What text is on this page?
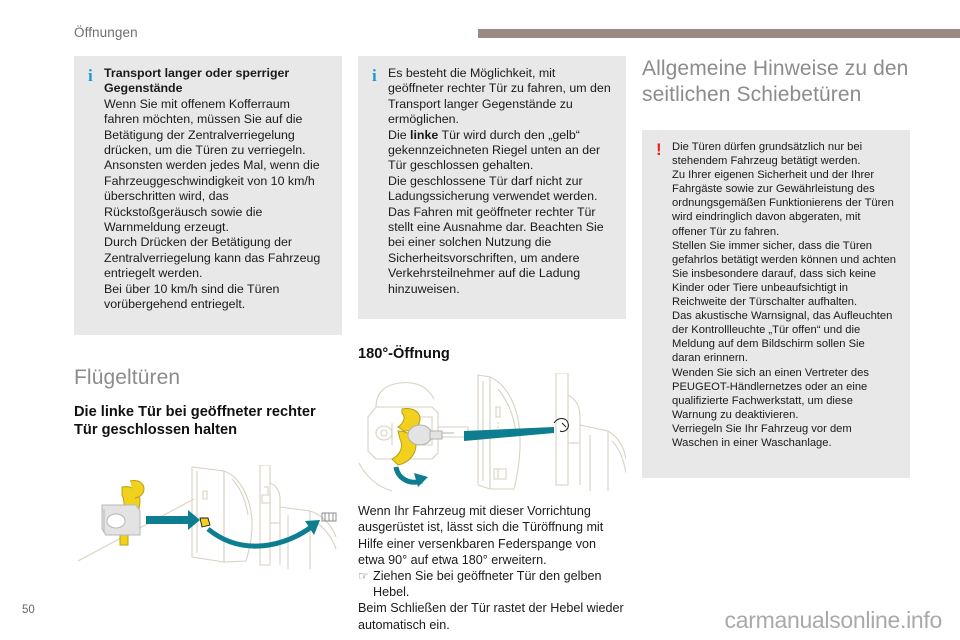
Öffnungen
i Transport langer oder sperriger Gegenstände

Wenn Sie mit offenem Kofferraum fahren möchten, müssen Sie auf die Betätigung der Zentralverriegelung drücken, um die Türen zu verriegeln.

Ansonsten werden jedes Mal, wenn die Fahrzeuggeschwindigkeit von 10 km/h überschritten wird, das Rückstoßgeräusch sowie die Warnmeldung erzeugt.

Durch Drücken der Betätigung der Zentralverriegelung kann das Fahrzeug entriegelt werden.

Bei über 10 km/h sind die Türen vorübergehend entriegelt.

Flügeltüren
Die linke Tür bei geöffneter rechter Tür geschlossen halten
i Es besteht die Möglichkeit, mit geöffneter rechter Tür zu fahren, um den Transport langer Gegenstände zu ermöglichen.

Die linke Tür wird durch den „gelb“ gekennzeichneten Riegel unten an der Tür geschlossen gehalten.

Die geschlossene Tür darf nicht zur Ladungssicherung verwendet werden.

Das Fahren mit geöffneter rechter Tür stellt eine Ausnahme dar. Beachten Sie bei einer solchen Nutzung die Sicherheitsvorschriften, um andere Verkehrsteilnehmer auf die Ladung hinzuweisen.

180°-Öffnung

Wenn Ihr Fahrzeug mit dieser Vorrichtung ausgerüstet ist, lässt sich die Türöffnung mit Hilfe einer versenkbaren Federspange von etwa 90° auf etwa 180° erweitern.

☞ Ziehen Sie bei geöffneter Tür den gelben Hebel.

Beim Schließen der Tür rastet der Hebel wieder automatisch ein.

Allgemeine Hinweise zu den seitlichen Schiebetüren
! Die Türen dürfen grundsätzlich nur bei stehendem Fahrzeug betätigt werden.

Zu Ihrer eigenen Sicherheit und der Ihrer Fahrgäste sowie zur Gewährleistung des ordnungsgemäßen Funktionierens der Türen wird eindringlich davon abgeraten, mit offener Tür zu fahren.

Stellen Sie immer sicher, dass die Türen gefahrlos betätigt werden können und achten Sie insbesondere darauf, dass sich keine Kinder oder Tiere unbeaufsichtigt in Reichweite der Türschalter aufhalten.

Das akustische Warnsignal, das Aufleuchten der Kontrollleuchte „Tür offen“ und die Meldung auf dem Bildschirm sollen Sie daran erinnern.

Wenden Sie sich an einen Vertreter des PEUGEOT-Händlernetzes oder an eine qualifizierte Fachwerkstatt, um diese Warnung zu deaktivieren.

Verriegeln Sie Ihr Fahrzeug vor dem Waschen in einer Waschanlage.

50	carmanualsonline.info
